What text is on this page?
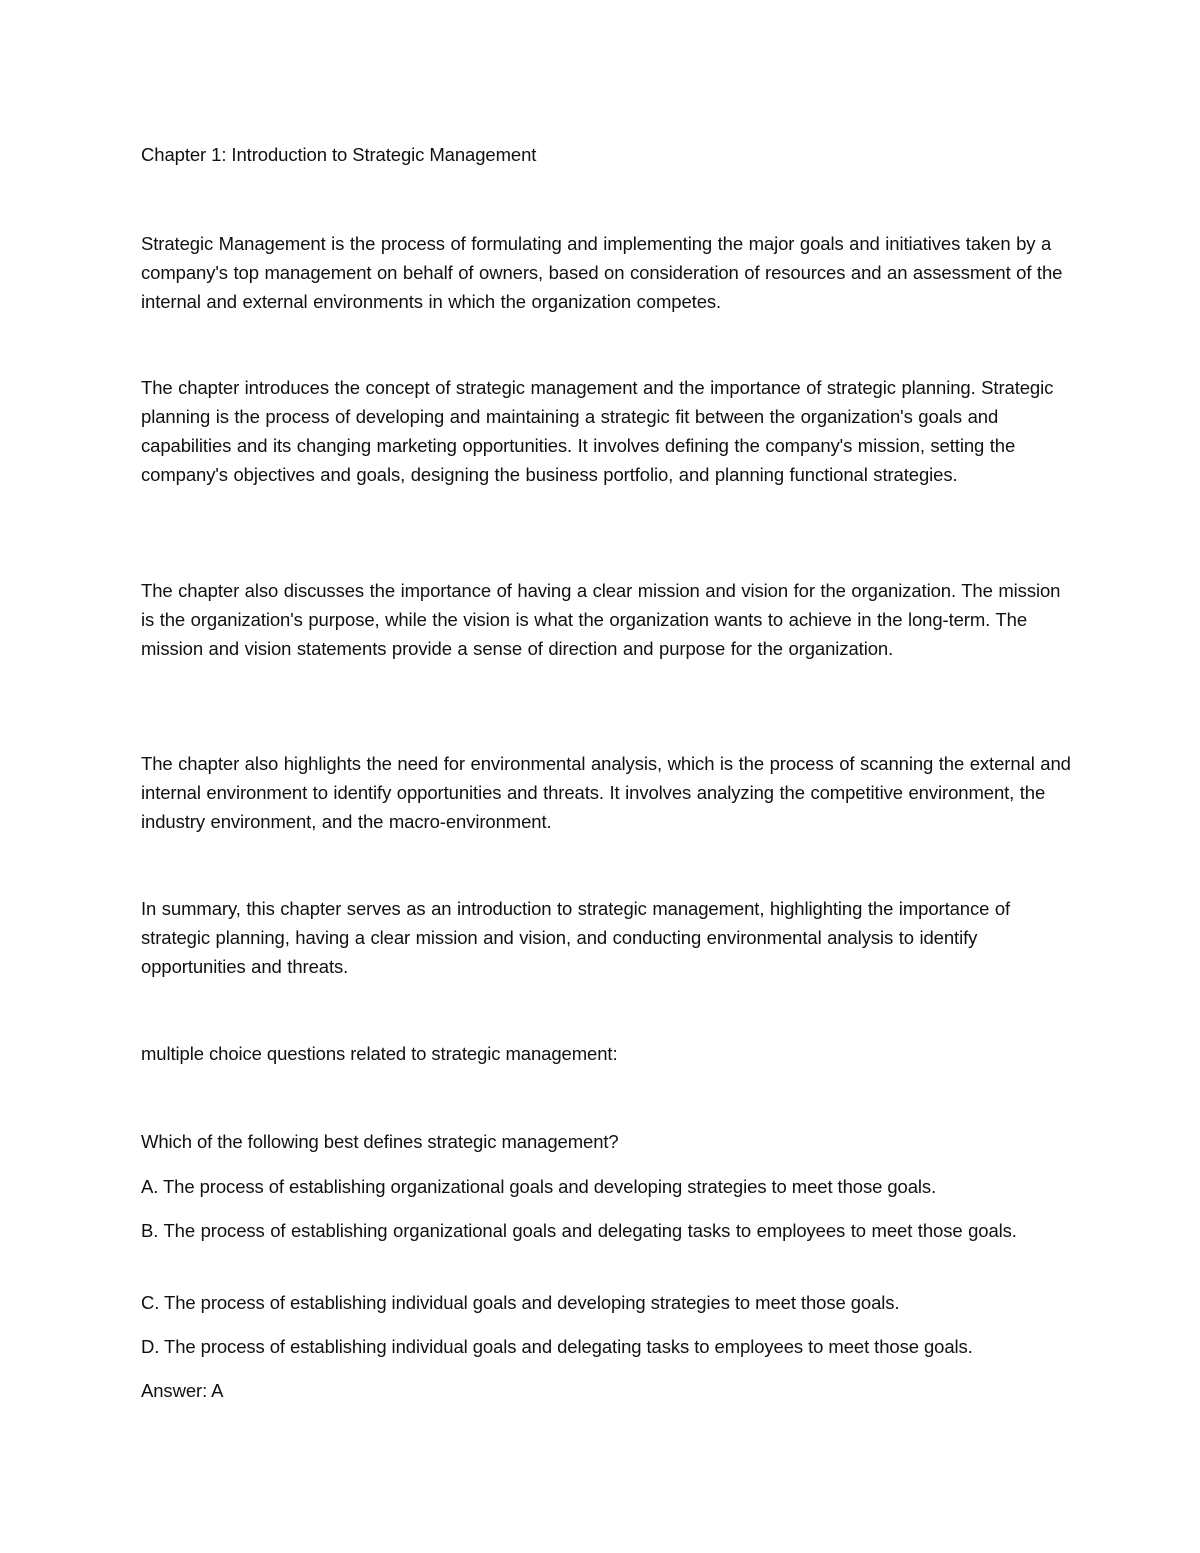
Chapter 1: Introduction to Strategic Management

Strategic Management is the process of formulating and implementing the major goals and initiatives taken by a company's top management on behalf of owners, based on consideration of resources and an assessment of the internal and external environments in which the organization competes.

The chapter introduces the concept of strategic management and the importance of strategic planning. Strategic planning is the process of developing and maintaining a strategic fit between the organization's goals and capabilities and its changing marketing opportunities. It involves defining the company's mission, setting the company's objectives and goals, designing the business portfolio, and planning functional strategies.

The chapter also discusses the importance of having a clear mission and vision for the organization. The mission is the organization's purpose, while the vision is what the organization wants to achieve in the long-term. The mission and vision statements provide a sense of direction and purpose for the organization.

The chapter also highlights the need for environmental analysis, which is the process of scanning the external and internal environment to identify opportunities and threats. It involves analyzing the competitive environment, the industry environment, and the macro-environment.

In summary, this chapter serves as an introduction to strategic management, highlighting the importance of strategic planning, having a clear mission and vision, and conducting environmental analysis to identify opportunities and threats.

multiple choice questions related to strategic management:

Which of the following best defines strategic management?

A. The process of establishing organizational goals and developing strategies to meet those goals.

B. The process of establishing organizational goals and delegating tasks to employees to meet those goals.

C. The process of establishing individual goals and developing strategies to meet those goals.

D. The process of establishing individual goals and delegating tasks to employees to meet those goals.

Answer: A
